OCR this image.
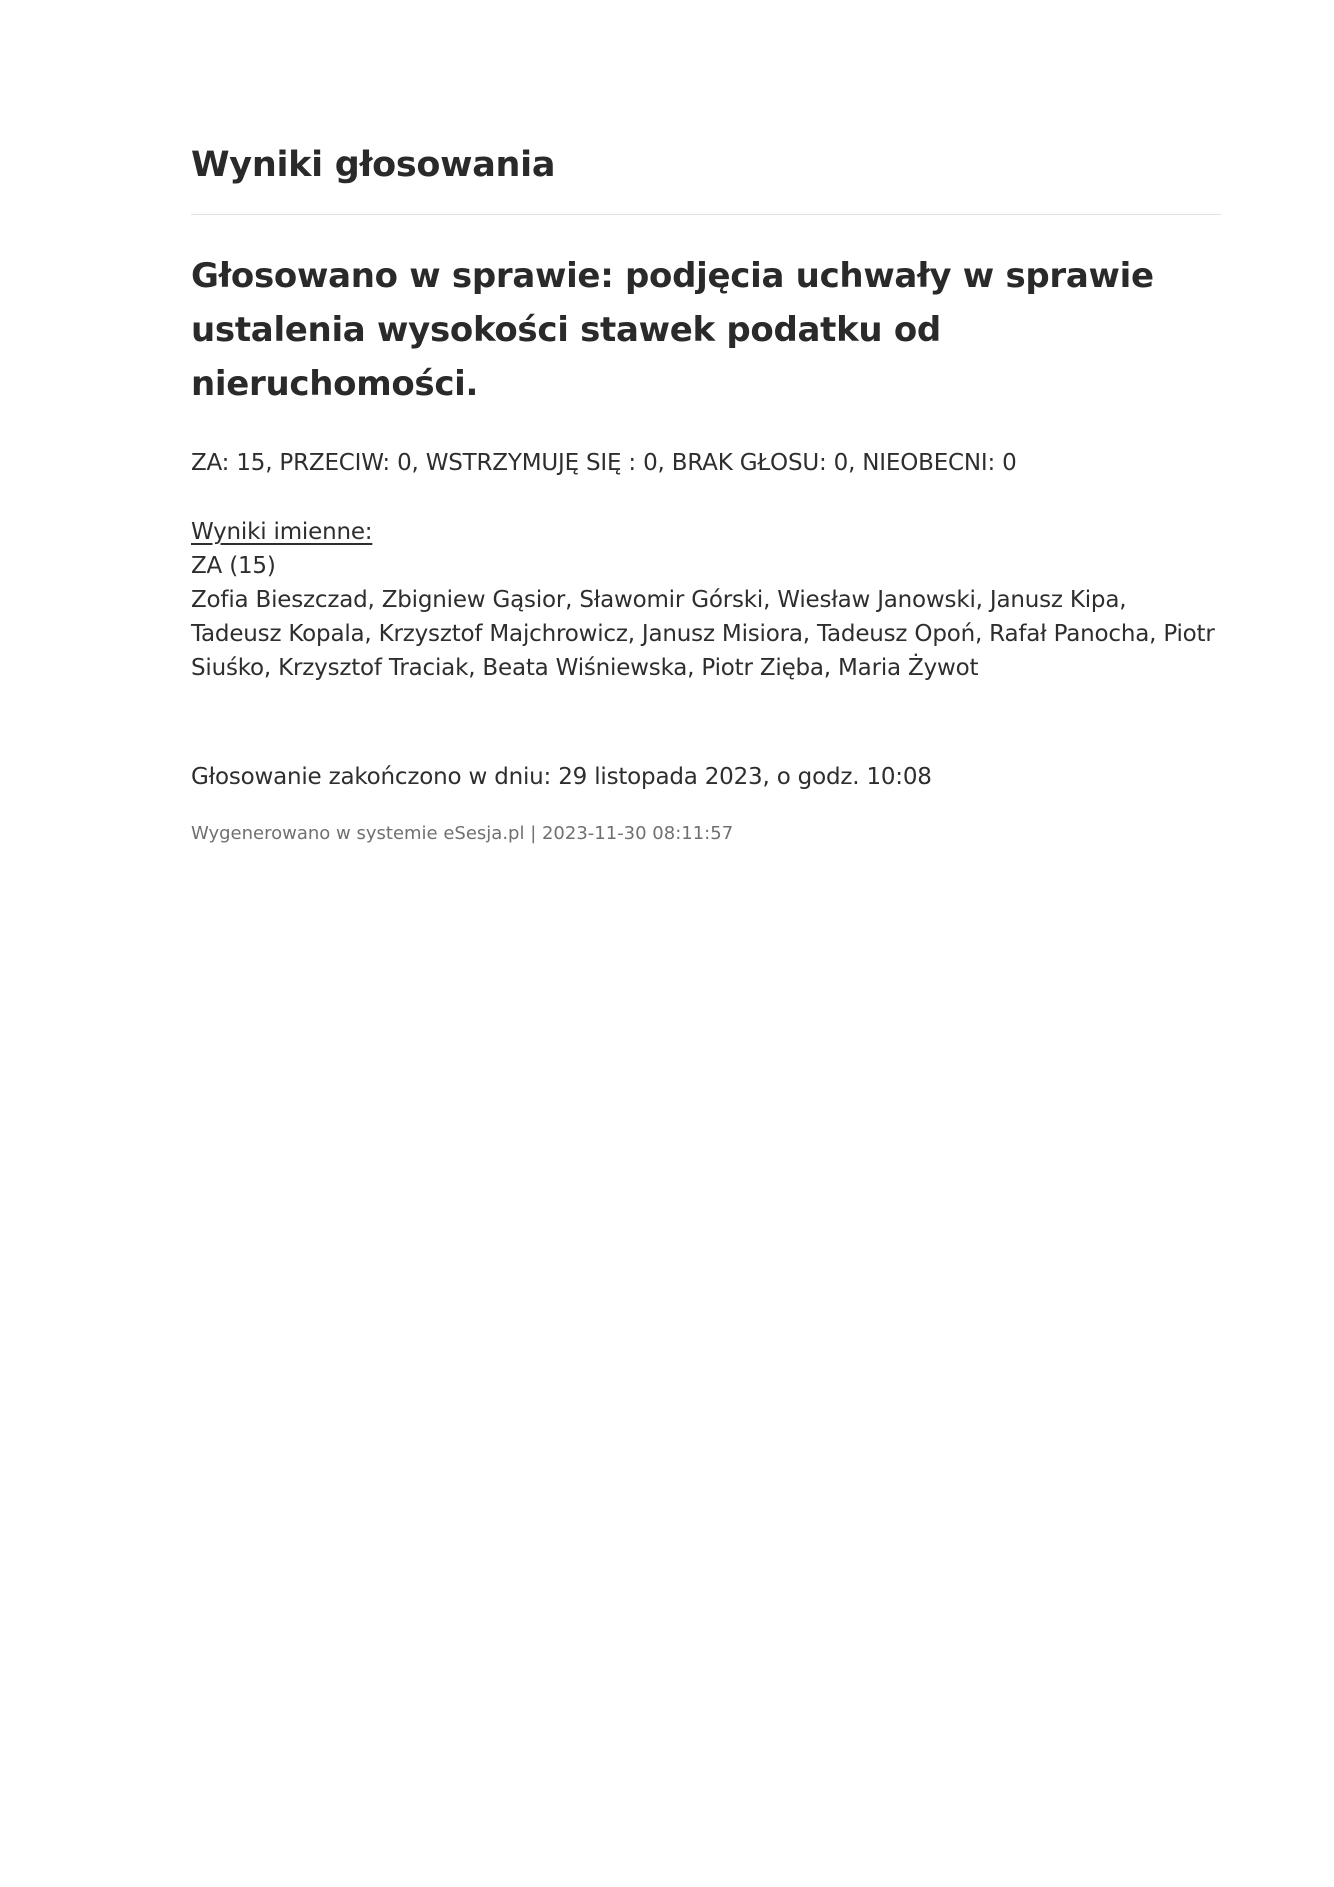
Wyniki głosowania
Głosowano w sprawie: podjęcia uchwały w sprawie ustalenia wysokości stawek podatku od nieruchomości.
ZA: 15, PRZECIW: 0, WSTRZYMUJĘ SIĘ : 0, BRAK GŁOSU: 0, NIEOBECNI: 0
Wyniki imienne:
ZA (15)
Zofia Bieszczad, Zbigniew Gąsior, Sławomir Górski, Wiesław Janowski, Janusz Kipa, Tadeusz Kopala, Krzysztof Majchrowicz, Janusz Misiora, Tadeusz Opoń, Rafał Panocha, Piotr Siuśko, Krzysztof Traciak, Beata Wiśniewska, Piotr Zięba, Maria Żywot
Głosowanie zakończono w dniu: 29 listopada 2023, o godz. 10:08
Wygenerowano w systemie eSesja.pl | 2023-11-30 08:11:57
